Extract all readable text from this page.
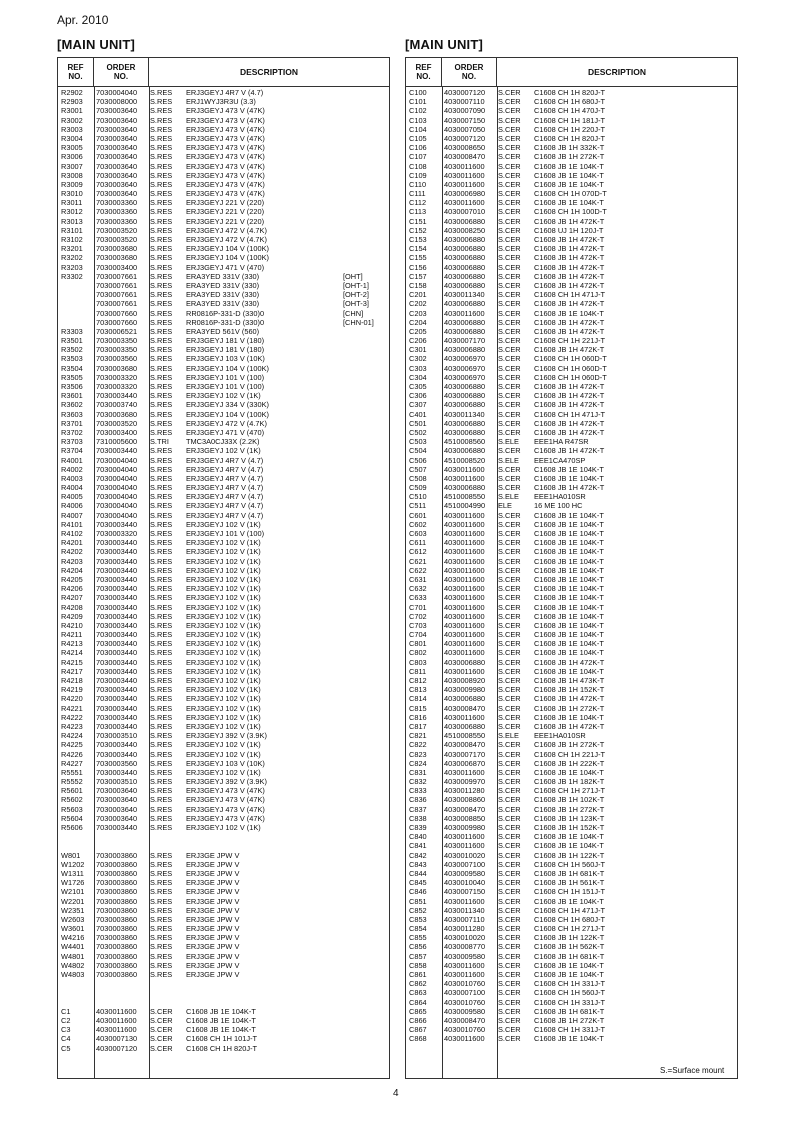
Apr. 2010
[MAIN UNIT]	[MAIN UNIT]
REF
NO.
ORDER
NO.	DESCRIPTION
R2902 7030004040 S.RES ERJ3GEYJ 4R7 V (4.7)
R2903 7030008000 S.RES ERJ1WYJ3R3U (3.3)
R3001 7030003640 S.RES ERJ3GEYJ 473 V (47K)
R3002 7030003640 S.RES ERJ3GEYJ 473 V (47K)
R3003 7030003640 S.RES ERJ3GEYJ 473 V (47K)
R3004 7030003640 S.RES ERJ3GEYJ 473 V (47K)
R3005 7030003640 S.RES ERJ3GEYJ 473 V (47K)
R3006 7030003640 S.RES ERJ3GEYJ 473 V (47K)
R3007 7030003640 S.RES ERJ3GEYJ 473 V (47K)
R3008 7030003640 S.RES ERJ3GEYJ 473 V (47K)
R3009 7030003640 S.RES ERJ3GEYJ 473 V (47K)
R3010 7030003640 S.RES ERJ3GEYJ 473 V (47K)
R3011 7030003360 S.RES ERJ3GEYJ 221 V (220)
R3012 7030003360 S.RES ERJ3GEYJ 221 V (220)
R3013 7030003360 S.RES ERJ3GEYJ 221 V (220)
R3101 7030003520 S.RES ERJ3GEYJ 472 V (4.7K)
R3102 7030003520 S.RES ERJ3GEYJ 472 V (4.7K)
R3201 7030003680 S.RES ERJ3GEYJ 104 V (100K)
R3202 7030003680 S.RES ERJ3GEYJ 104 V (100K)
R3203 7030003400 S.RES ERJ3GEYJ 471 V (470)
R3302 7030007661 S.RES ERA3YED 331V (330)	[OHT]
7030007661 S.RES ERA3YED 331V (330)	[OHT-1]
7030007661 S.RES ERA3YED 331V (330)	[OHT-2]
7030007661 S.RES ERA3YED 331V (330)	[OHT-3]
7030007660 S.RES RR0816P-331-D (330)0	[CHN]
7030007660 S.RES RR0816P-331-D (330)0	[CHN-01]
R3303 7030006521 S.RES ERA3YED 561V (560)
R3501 7030003350 S.RES ERJ3GEYJ 181 V (180)
R3502 7030003350 S.RES ERJ3GEYJ 181 V (180)
R3503 7030003560 S.RES ERJ3GEYJ 103 V (10K)
R3504 7030003680 S.RES ERJ3GEYJ 104 V (100K)
R3505 7030003320 S.RES ERJ3GEYJ 101 V (100)
R3506 7030003320 S.RES ERJ3GEYJ 101 V (100)
R3601 7030003440 S.RES ERJ3GEYJ 102 V (1K)
R3602 7030003740 S.RES ERJ3GEYJ 334 V (330K)
R3603 7030003680 S.RES ERJ3GEYJ 104 V (100K)
R3701 7030003520 S.RES ERJ3GEYJ 472 V (4.7K)
R3702 7030003400 S.RES ERJ3GEYJ 471 V (470)
R3703 7310005600 S.TRI TMC3A0CJ33X (2.2K)
R3704 7030003440 S.RES ERJ3GEYJ 102 V (1K)
R4001 7030004040 S.RES ERJ3GEYJ 4R7 V (4.7)
R4002 7030004040 S.RES ERJ3GEYJ 4R7 V (4.7)
R4003 7030004040 S.RES ERJ3GEYJ 4R7 V (4.7)
R4004 7030004040 S.RES ERJ3GEYJ 4R7 V (4.7)
R4005 7030004040 S.RES ERJ3GEYJ 4R7 V (4.7)
R4006 7030004040 S.RES ERJ3GEYJ 4R7 V (4.7)
R4007 7030004040 S.RES ERJ3GEYJ 4R7 V (4.7)
R4101 7030003440 S.RES ERJ3GEYJ 102 V (1K)
R4102 7030003320 S.RES ERJ3GEYJ 101 V (100)
R4201 7030003440 S.RES ERJ3GEYJ 102 V (1K)
R4202 7030003440 S.RES ERJ3GEYJ 102 V (1K)
R4203 7030003440 S.RES ERJ3GEYJ 102 V (1K)
R4204 7030003440 S.RES ERJ3GEYJ 102 V (1K)
R4205 7030003440 S.RES ERJ3GEYJ 102 V (1K)
R4206 7030003440 S.RES ERJ3GEYJ 102 V (1K)
R4207 7030003440 S.RES ERJ3GEYJ 102 V (1K)
R4208 7030003440 S.RES ERJ3GEYJ 102 V (1K)
R4209 7030003440 S.RES ERJ3GEYJ 102 V (1K)
R4210 7030003440 S.RES ERJ3GEYJ 102 V (1K)
R4211 7030003440 S.RES ERJ3GEYJ 102 V (1K)
R4213 7030003440 S.RES ERJ3GEYJ 102 V (1K)
R4214 7030003440 S.RES ERJ3GEYJ 102 V (1K)
R4215 7030003440 S.RES ERJ3GEYJ 102 V (1K)
R4217 7030003440 S.RES ERJ3GEYJ 102 V (1K)
R4218 7030003440 S.RES ERJ3GEYJ 102 V (1K)
R4219 7030003440 S.RES ERJ3GEYJ 102 V (1K)
R4220 7030003440 S.RES ERJ3GEYJ 102 V (1K)
R4221 7030003440 S.RES ERJ3GEYJ 102 V (1K)
R4222 7030003440 S.RES ERJ3GEYJ 102 V (1K)
R4223 7030003440 S.RES ERJ3GEYJ 102 V (1K)
R4224 7030003510 S.RES ERJ3GEYJ 392 V (3.9K)
R4225 7030003440 S.RES ERJ3GEYJ 102 V (1K)
R4226 7030003440 S.RES ERJ3GEYJ 102 V (1K)
R4227 7030003560 S.RES ERJ3GEYJ 103 V (10K)
R5551 7030003440 S.RES ERJ3GEYJ 102 V (1K)
R5552 7030003510 S.RES ERJ3GEYJ 392 V (3.9K)
R5601 7030003640 S.RES ERJ3GEYJ 473 V (47K)
R5602 7030003640 S.RES ERJ3GEYJ 473 V (47K)
R5603 7030003640 S.RES ERJ3GEYJ 473 V (47K)
R5604 7030003640 S.RES ERJ3GEYJ 473 V (47K)
R5606 7030003440 S.RES ERJ3GEYJ 102 V (1K)
W801 7030003860 S.RES ERJ3GE JPW V
W1202 7030003860 S.RES ERJ3GE JPW V
W1311 7030003860 S.RES ERJ3GE JPW V
W1726 7030003860 S.RES ERJ3GE JPW V
W2101 7030003860 S.RES ERJ3GE JPW V
W2201 7030003860 S.RES ERJ3GE JPW V
W2351 7030003860 S.RES ERJ3GE JPW V
W2603 7030003860 S.RES ERJ3GE JPW V
W3601 7030003860 S.RES ERJ3GE JPW V
W4216 7030003860 S.RES ERJ3GE JPW V
W4401 7030003860 S.RES ERJ3GE JPW V
W4801 7030003860 S.RES ERJ3GE JPW V
W4802 7030003860 S.RES ERJ3GE JPW V
W4803 7030003860 S.RES ERJ3GE JPW V
C1	4030011600 S.CER C1608 JB 1E 104K-T
C2	4030011600 S.CER C1608 JB 1E 104K-T
C3	4030011600 S.CER C1608 JB 1E 104K-T
C4	4030007130 S.CER C1608 CH 1H 101J-T
C5	4030007120 S.CER C1608 CH 1H 820J-T
REF
NO.
ORDER
NO.	DESCRIPTION
C100 4030007120 S.CER C1608 CH 1H 820J-T
C101 4030007110 S.CER C1608 CH 1H 680J-T
C102 4030007090 S.CER C1608 CH 1H 470J-T
C103 4030007150 S.CER C1608 CH 1H 181J-T
C104 4030007050 S.CER C1608 CH 1H 220J-T
C105 4030007120 S.CER C1608 CH 1H 820J-T
C106 4030008650 S.CER C1608 JB 1H 332K-T
C107 4030008470 S.CER C1608 JB 1H 272K-T
C108 4030011600 S.CER C1608 JB 1E 104K-T
C109 4030011600 S.CER C1608 JB 1E 104K-T
C110 4030011600 S.CER C1608 JB 1E 104K-T
C111 4030006980 S.CER C1608 CH 1H 070D-T
C112 4030011600 S.CER C1608 JB 1E 104K-T
C113 4030007010 S.CER C1608 CH 1H 100D-T
C151 4030006880 S.CER C1608 JB 1H 472K-T
C152 4030008250 S.CER C1608 UJ 1H 120J-T
C153 4030006880 S.CER C1608 JB 1H 472K-T
C154 4030006880 S.CER C1608 JB 1H 472K-T
C155 4030006880 S.CER C1608 JB 1H 472K-T
C156 4030006880 S.CER C1608 JB 1H 472K-T
C157 4030006880 S.CER C1608 JB 1H 472K-T
C158 4030006880 S.CER C1608 JB 1H 472K-T
C201 4030011340 S.CER C1608 CH 1H 471J-T
C202 4030006880 S.CER C1608 JB 1H 472K-T
C203 4030011600 S.CER C1608 JB 1E 104K-T
C204 4030006880 S.CER C1608 JB 1H 472K-T
C205 4030006880 S.CER C1608 JB 1H 472K-T
C206 4030007170 S.CER C1608 CH 1H 221J-T
C301 4030006880 S.CER C1608 JB 1H 472K-T
C302 4030006970 S.CER C1608 CH 1H 060D-T
C303 4030006970 S.CER C1608 CH 1H 060D-T
C304 4030006970 S.CER C1608 CH 1H 060D-T
C305 4030006880 S.CER C1608 JB 1H 472K-T
C306 4030006880 S.CER C1608 JB 1H 472K-T
C307 4030006880 S.CER C1608 JB 1H 472K-T
C401 4030011340 S.CER C1608 CH 1H 471J-T
C501 4030006880 S.CER C1608 JB 1H 472K-T
C502 4030006880 S.CER C1608 JB 1H 472K-T
C503 4510008560 S.ELE EEE1HA R47SR
C504 4030006880 S.CER C1608 JB 1H 472K-T
C506 4510008520 S.ELE EEE1CA470SP
C507 4030011600 S.CER C1608 JB 1E 104K-T
C508 4030011600 S.CER C1608 JB 1E 104K-T
C509 4030006880 S.CER C1608 JB 1H 472K-T
C510 4510008550 S.ELE EEE1HA010SR
C511 4510004990 ELE	16 ME 100 HC
C601 4030011600 S.CER C1608 JB 1E 104K-T
C602 4030011600 S.CER C1608 JB 1E 104K-T
C603 4030011600 S.CER C1608 JB 1E 104K-T
C611 4030011600 S.CER C1608 JB 1E 104K-T
C612 4030011600 S.CER C1608 JB 1E 104K-T
C621 4030011600 S.CER C1608 JB 1E 104K-T
C622 4030011600 S.CER C1608 JB 1E 104K-T
C631 4030011600 S.CER C1608 JB 1E 104K-T
C632 4030011600 S.CER C1608 JB 1E 104K-T
C633 4030011600 S.CER C1608 JB 1E 104K-T
C701 4030011600 S.CER C1608 JB 1E 104K-T
C702 4030011600 S.CER C1608 JB 1E 104K-T
C703 4030011600 S.CER C1608 JB 1E 104K-T
C704 4030011600 S.CER C1608 JB 1E 104K-T
C801 4030011600 S.CER C1608 JB 1E 104K-T
C802 4030011600 S.CER C1608 JB 1E 104K-T
C803 4030006880 S.CER C1608 JB 1H 472K-T
C811 4030011600 S.CER C1608 JB 1E 104K-T
C812 4030008920 S.CER C1608 JB 1H 473K-T
C813 4030009980 S.CER C1608 JB 1H 152K-T
C814 4030006880 S.CER C1608 JB 1H 472K-T
C815 4030008470 S.CER C1608 JB 1H 272K-T
C816 4030011600 S.CER C1608 JB 1E 104K-T
C817 4030006880 S.CER C1608 JB 1H 472K-T
C821 4510008550 S.ELE EEE1HA010SR
C822 4030008470 S.CER C1608 JB 1H 272K-T
C823 4030007170 S.CER C1608 CH 1H 221J-T
C824 4030006870 S.CER C1608 JB 1H 222K-T
C831 4030011600 S.CER C1608 JB 1E 104K-T
C832 4030009970 S.CER C1608 JB 1H 182K-T
C833 4030011280 S.CER C1608 CH 1H 271J-T
C836 4030008860 S.CER C1608 JB 1H 102K-T
C837 4030008470 S.CER C1608 JB 1H 272K-T
C838 4030008850 S.CER C1608 JB 1H 123K-T
C839 4030009980 S.CER C1608 JB 1H 152K-T
C840 4030011600 S.CER C1608 JB 1E 104K-T
C841 4030011600 S.CER C1608 JB 1E 104K-T
C842 4030010020 S.CER C1608 JB 1H 122K-T
C843 4030007100 S.CER C1608 CH 1H 560J-T
C844 4030009580 S.CER C1608 JB 1H 681K-T
C845 4030010040 S.CER C1608 JB 1H 561K-T
C846 4030007150 S.CER C1608 CH 1H 151J-T
C851 4030011600 S.CER C1608 JB 1E 104K-T
C852 4030011340 S.CER C1608 CH 1H 471J-T
C853 4030007110 S.CER C1608 CH 1H 680J-T
C854 4030011280 S.CER C1608 CH 1H 271J-T
C855 4030010020 S.CER C1608 JB 1H 122K-T
C856 4030008770 S.CER C1608 JB 1H 562K-T
C857 4030009580 S.CER C1608 JB 1H 681K-T
C858 4030011600 S.CER C1608 JB 1E 104K-T
C861 4030011600 S.CER C1608 JB 1E 104K-T
C862 4030010760 S.CER C1608 CH 1H 331J-T
C863 4030007100 S.CER C1608 CH 1H 560J-T
C864 4030010760 S.CER C1608 CH 1H 331J-T
C865 4030009580 S.CER C1608 JB 1H 681K-T
C866 4030008470 S.CER C1608 JB 1H 272K-T
C867 4030010760 S.CER C1608 CH 1H 331J-T
C868 4030011600 S.CER C1608 JB 1E 104K-T
S.=Surface mount
4
